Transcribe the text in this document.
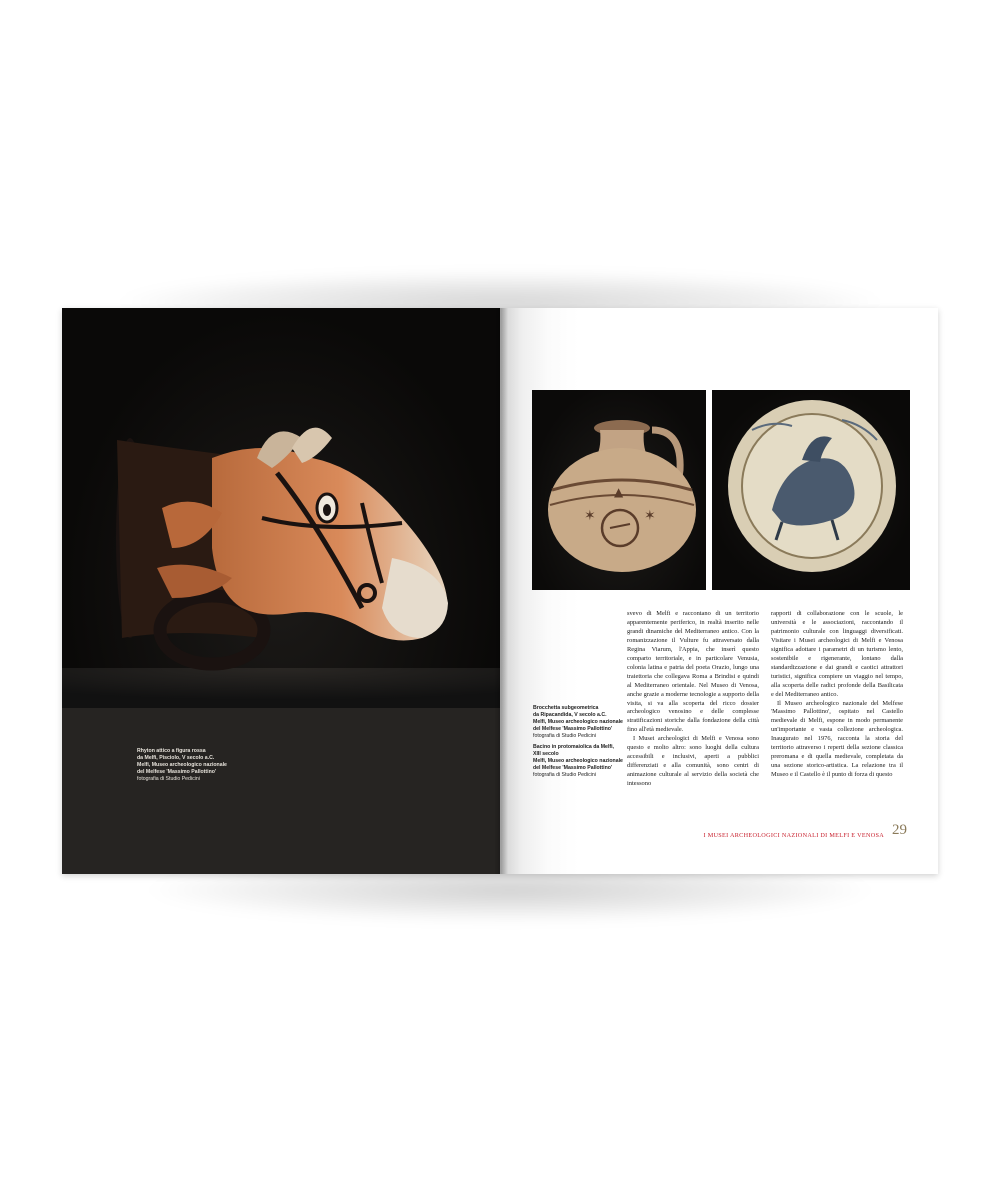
Rhyton attico a figura rossa
da Melfi, Pisciolo, V secolo a.C.
Melfi, Museo archeologico nazionale
del Melfese 'Massimo Pallottino'
fotografia di Studio Pedicini
✶	✶
▲
Brocchetta subgeometrica
da Ripacandida, V secolo a.C.
Melfi, Museo archeologico nazionale
del Melfese 'Massimo Pallottino'
fotografia di Studio Pedicini
Bacino in protomaiolica da Melfi,
XIII secolo
Melfi, Museo archeologico nazionale
del Melfese 'Massimo Pallottino'
fotografia di Studio Pedicini

svevo di Melfi e raccontano di un territorio apparentemente periferico, in realtà inserito nelle grandi dinamiche del Mediterraneo antico. Con la romanizzazione il Vulture fu attraversato dalla Regina Viarum, l'Appia, che inserì questo comparto territoriale, e in particolare Venusia, colonia latina e patria del poeta Orazio, lungo una traiettoria che collegava Roma a Brindisi e quindi al Mediterraneo orientale. Nel Museo di Venosa, anche grazie a moderne tecnologie a supporto della visita, si va alla scoperta del ricco dossier archeologico venosino e delle complesse stratificazioni storiche dalla fondazione della città fino all'età medievale.

I Musei archeologici di Melfi e Venosa sono questo e molto altro: sono luoghi della cultura accessibili e inclusivi, aperti a pubblici differenziati e alla comunità, sono centri di animazione culturale al servizio della società che intessono

rapporti di collaborazione con le scuole, le università e le associazioni, raccontando il patrimonio culturale con linguaggi diversificati. Visitare i Musei archeologici di Melfi e Venosa significa adottare i parametri di un turismo lento, sostenibile e rigenerante, lontano dalla standardizzazione e dai grandi e caotici attrattori turistici, significa compiere un viaggio nel tempo, alla scoperta delle radici profonde della Basilicata e del Mediterraneo antico.

Il Museo archeologico nazionale del Melfese 'Massimo Pallottino', ospitato nel Castello medievale di Melfi, espone in modo permanente un'importante e vasta collezione archeologica. Inaugurato nel 1976, racconta la storia del territorio attraverso i reperti della sezione classica preromana e di quella medievale, completata da una sezione storico-artistica. La relazione tra il Museo e il Castello è il punto di forza di questo

I MUSEI ARCHEOLOGICI NAZIONALI DI MELFI E VENOSA 29
